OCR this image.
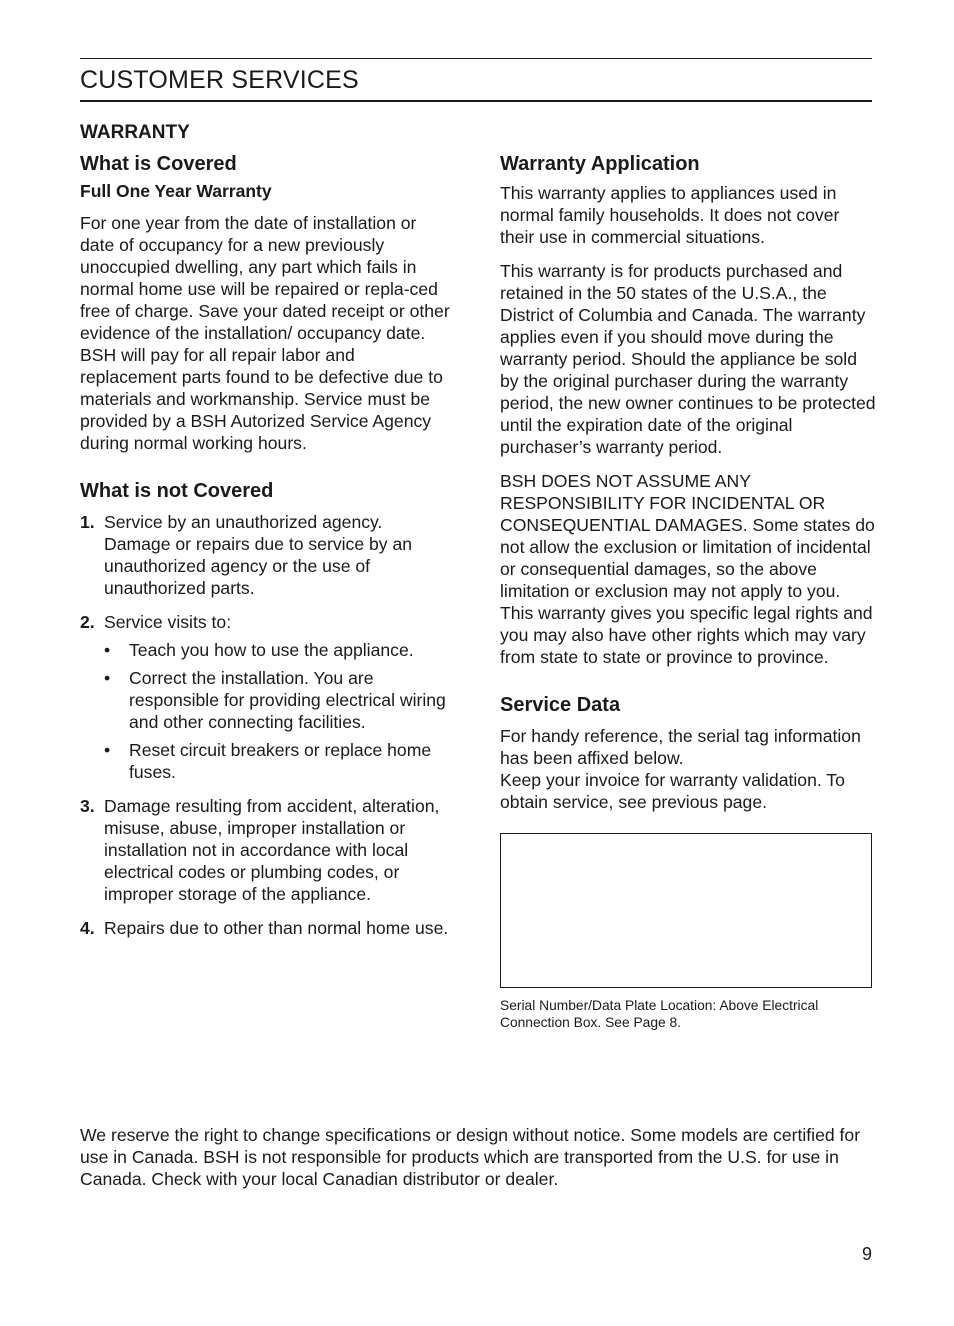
CUSTOMER SERVICES
WARRANTY
What is Covered
Full One Year Warranty

For one year from the date of installation or date of occupancy for a new previously unoccupied dwelling, any part which fails in normal home use will be repaired or repla-ced free of charge. Save your dated receipt or other evidence of the installation/ occupancy date. BSH will pay for all repair labor and replacement parts found to be defective due to materials and workmanship. Service must be provided by a BSH Autorized Service Agency during normal working hours.

What is not Covered
1. Service by an unauthorized agency. Damage or repairs due to service by an unauthorized agency or the use of unauthorized parts.
2. Service visits to:
• Teach you how to use the appliance.
• Correct the installation. You are responsible for providing electrical wiring and other connecting facilities.
• Reset circuit breakers or replace home fuses.
3. Damage resulting from accident, alteration, misuse, abuse, improper installation or installation not in accordance with local electrical codes or plumbing codes, or improper storage of the appliance.
4. Repairs due to other than normal home use.
Warranty Application

This warranty applies to appliances used in normal family households. It does not cover their use in commercial situations.

This warranty is for products purchased and retained in the 50 states of the U.S.A., the District of Columbia and Canada. The warranty applies even if you should move during the warranty period. Should the appliance be sold by the original purchaser during the warranty period, the new owner continues to be protected until the expiration date of the original purchaser’s warranty period.

BSH DOES NOT ASSUME ANY RESPONSIBILITY FOR INCIDENTAL OR CONSEQUENTIAL DAMAGES. Some states do not allow the exclusion or limitation of incidental or consequential damages, so the above limitation or exclusion may not apply to you. This warranty gives you specific legal rights and you may also have other rights which may vary from state to state or province to province.

Service Data

For handy reference, the serial tag information has been affixed below.

Keep your invoice for warranty validation. To obtain service, see previous page.

Serial Number/Data Plate Location: Above Electrical Connection Box. See Page 8.

We reserve the right to change specifications or design without notice. Some models are certified for use in Canada. BSH is not responsible for products which are transported from the U.S. for use in Canada. Check with your local Canadian distributor or dealer.

9
